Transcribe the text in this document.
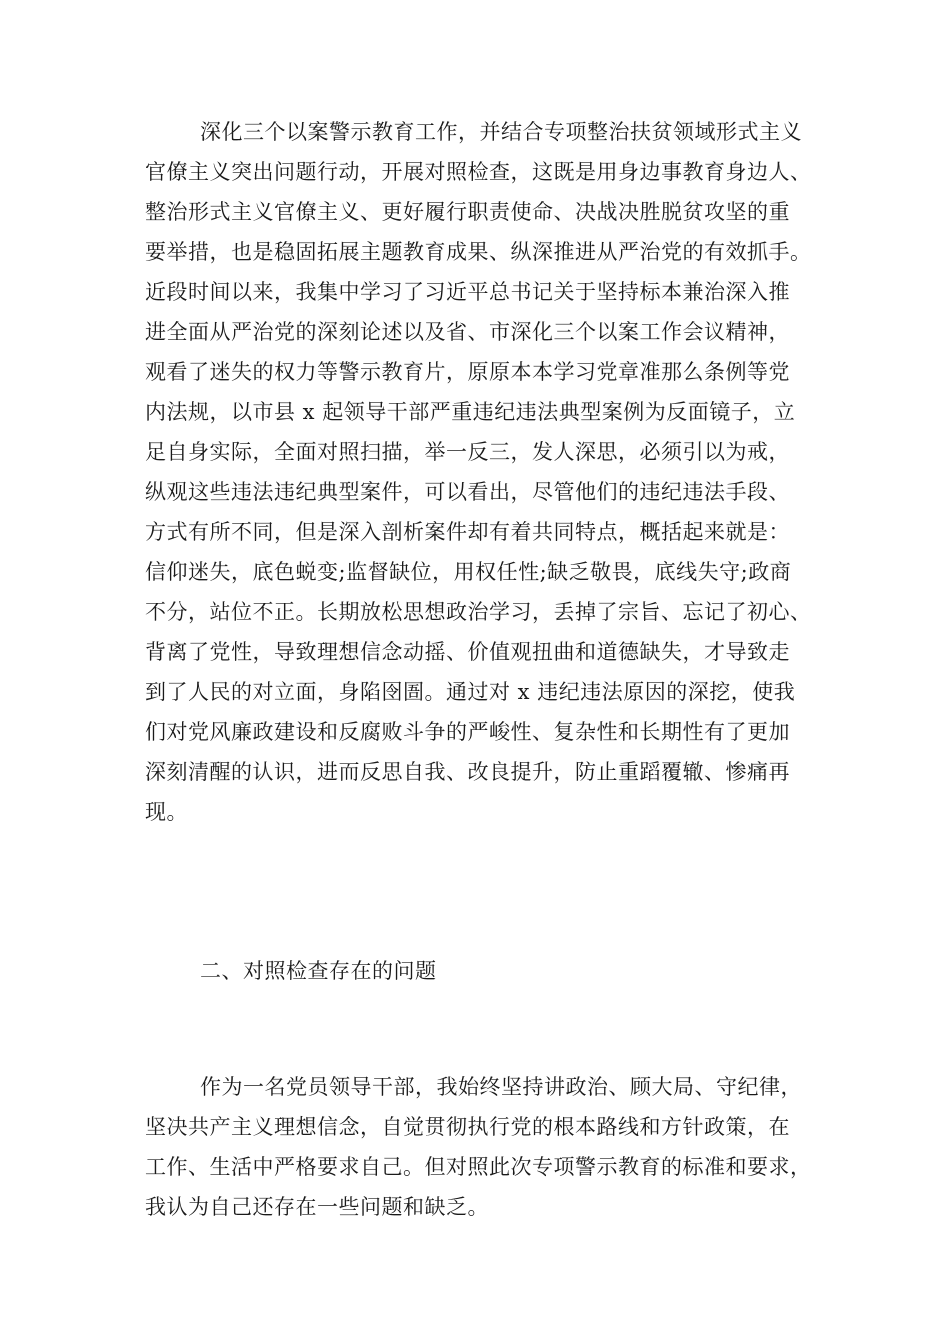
深化三个以案警示教育工作，并结合专项整治扶贫领域形式主义

官僚主义突出问题行动，开展对照检查，这既是用身边事教育身边人、

整治形式主义官僚主义、更好履行职责使命、决战决胜脱贫攻坚的重

要举措，也是稳固拓展主题教育成果、纵深推进从严治党的有效抓手。

近段时间以来，我集中学习了习近平总书记关于坚持标本兼治深入推

进全面从严治党的深刻论述以及省、市深化三个以案工作会议精神，

观看了迷失的权力等警示教育片，原原本本学习党章准那么条例等党

内法规，以市县 x 起领导干部严重违纪违法典型案例为反面镜子，立

足自身实际，全面对照扫描，举一反三，发人深思，必须引以为戒，

纵观这些违法违纪典型案件，可以看出，尽管他们的违纪违法手段、

方式有所不同，但是深入剖析案件却有着共同特点，概括起来就是：

信仰迷失，底色蜕变;监督缺位，用权任性;缺乏敬畏，底线失守;政商

不分，站位不正。长期放松思想政治学习，丢掉了宗旨、忘记了初心、

背离了党性，导致理想信念动摇、价值观扭曲和道德缺失，才导致走

到了人民的对立面，身陷囹圄。通过对 x 违纪违法原因的深挖，使我

们对党风廉政建设和反腐败斗争的严峻性、复杂性和长期性有了更加

深刻清醒的认识，进而反思自我、改良提升，防止重蹈覆辙、惨痛再

现。

二、对照检查存在的问题

作为一名党员领导干部，我始终坚持讲政治、顾大局、守纪律，

坚决共产主义理想信念，自觉贯彻执行党的根本路线和方针政策，在

工作、生活中严格要求自己。但对照此次专项警示教育的标准和要求，

我认为自己还存在一些问题和缺乏。
